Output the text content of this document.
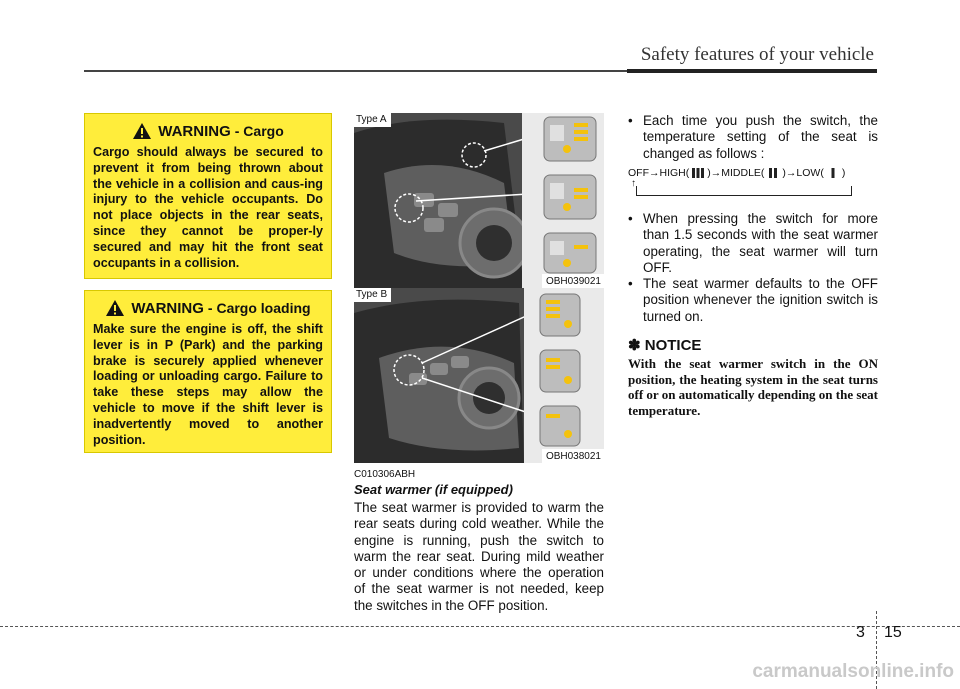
Safety features of your vehicle
WARNING - Cargo
Cargo should always be secured to prevent it from being thrown about the vehicle in a collision and caus-ing injury to the vehicle occupants. Do not place objects in the rear seats, since they cannot be proper-ly secured and may hit the front seat occupants in a collision.
WARNING - Cargo loading
Make sure the engine is off, the shift lever is in P (Park) and the parking brake is securely applied whenever loading or unloading cargo. Failure to take these steps may allow the vehicle to move if the shift lever is inadvertently moved to another position.
Type A
OBH039021
Type B
OBH038021
C010306ABH
Seat warmer (if equipped)
The seat warmer is provided to warm the rear seats during cold weather. While the engine is running, push the switch to warm the rear seat. During mild weather or under conditions where the operation of the seat warmer is not needed, keep the switches in the OFF position.
• Each time you push the switch, the temperature setting of the seat is changed as follows :
OFF → HIGH( ) → MIDDLE( ) → LOW( )
↑
• When pressing the switch for more than 1.5 seconds with the seat warmer operating, the seat warmer will turn OFF.
• The seat warmer defaults to the OFF position whenever the ignition switch is turned on.
✽ NOTICE
With the seat warmer switch in the ON position, the heating system in the seat turns off or on automatically depending on the seat temperature.
3 15
carmanualsonline.info
